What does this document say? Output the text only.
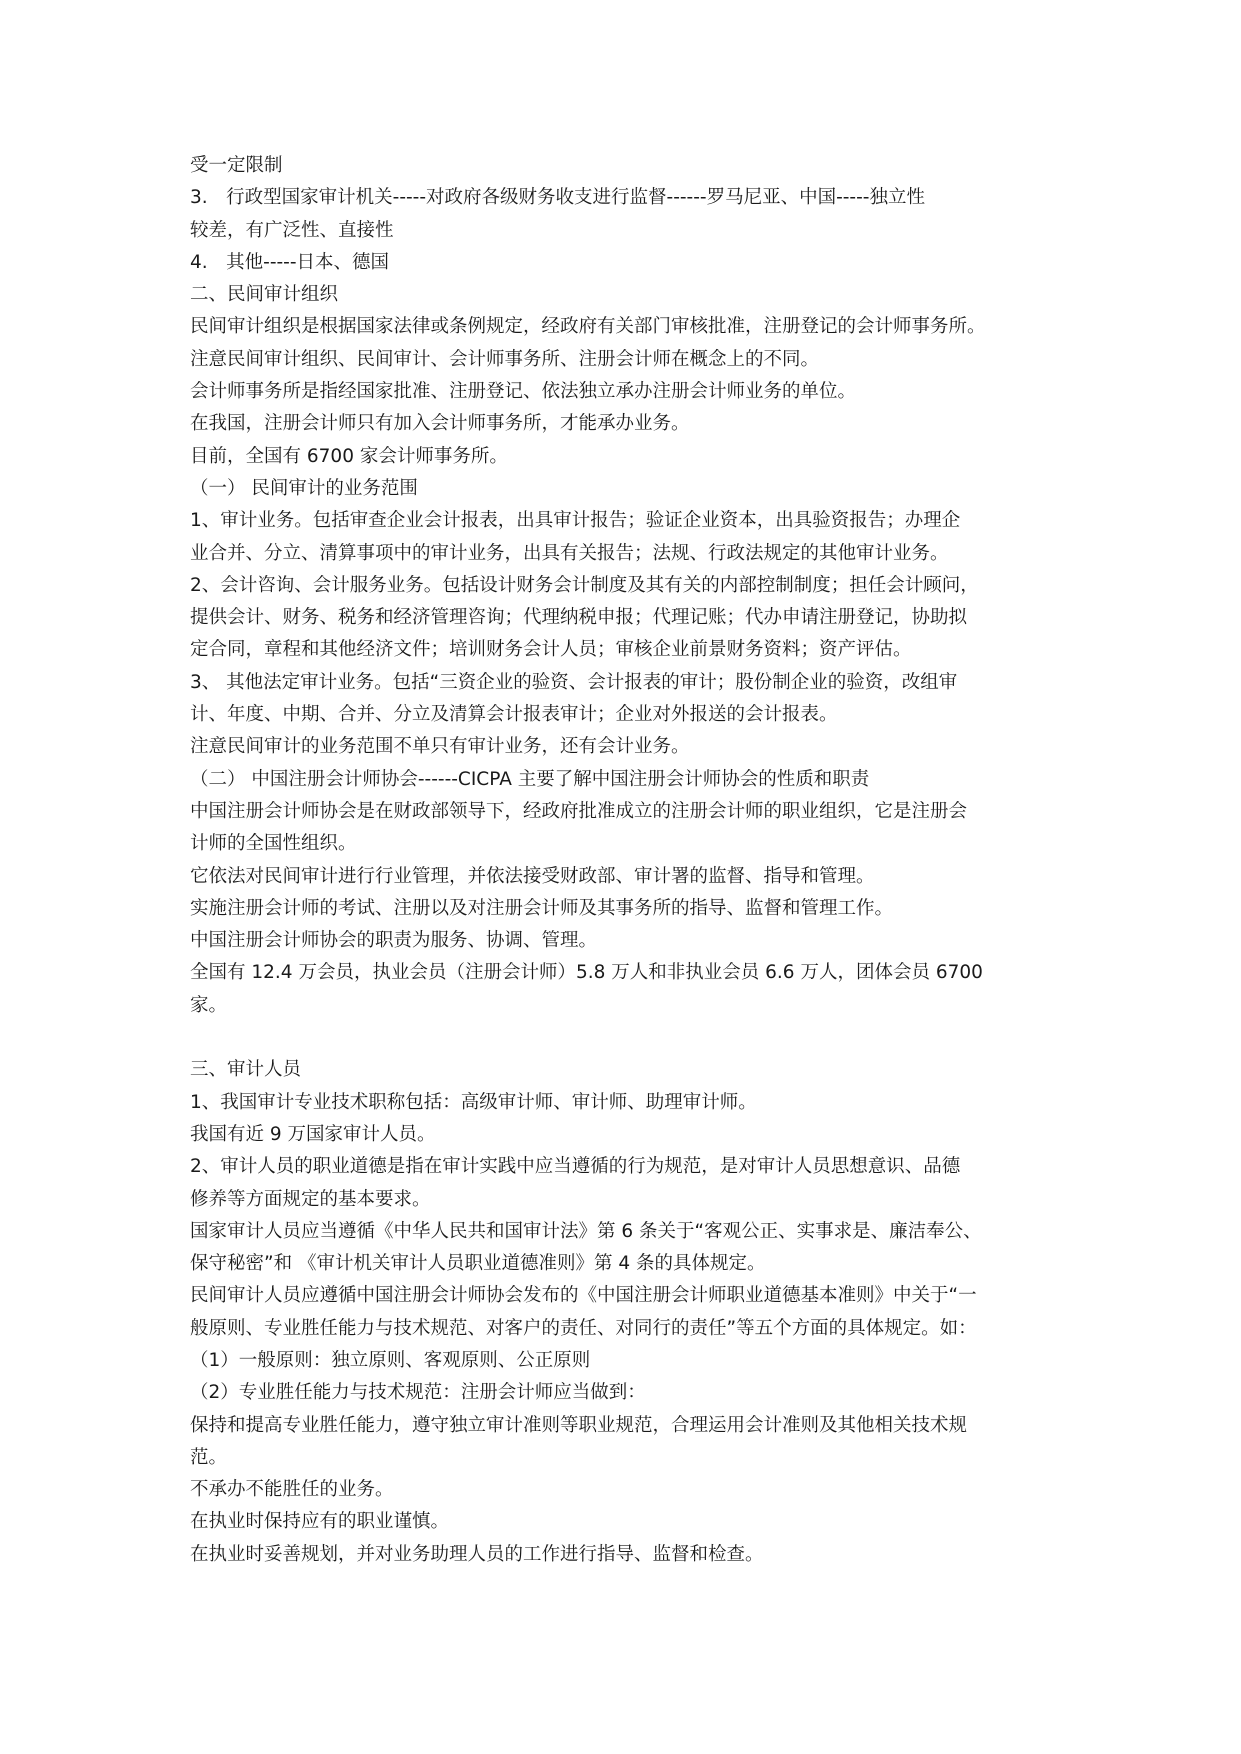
受一定限制
3.　行政型国家审计机关-----对政府各级财务收支进行监督------罗马尼亚、中国-----独立性
较差，有广泛性、直接性
4.　其他-----日本、德国
二、民间审计组织
民间审计组织是根据国家法律或条例规定，经政府有关部门审核批准，注册登记的会计师事务所。
注意民间审计组织、民间审计、会计师事务所、注册会计师在概念上的不同。
会计师事务所是指经国家批准、注册登记、依法独立承办注册会计师业务的单位。
在我国，注册会计师只有加入会计师事务所，才能承办业务。
目前，全国有 6700 家会计师事务所。
（一） 民间审计的业务范围
1、审计业务。包括审查企业会计报表，出具审计报告；验证企业资本，出具验资报告；办理企
业合并、分立、清算事项中的审计业务，出具有关报告；法规、行政法规定的其他审计业务。
2、会计咨询、会计服务业务。包括设计财务会计制度及其有关的内部控制制度；担任会计顾问，
提供会计、财务、税务和经济管理咨询；代理纳税申报；代理记账；代办申请注册登记，协助拟
定合同，章程和其他经济文件；培训财务会计人员；审核企业前景财务资料；资产评估。
3、 其他法定审计业务。包括“三资企业的验资、会计报表的审计；股份制企业的验资，改组审
计、年度、中期、合并、分立及清算会计报表审计；企业对外报送的会计报表。
注意民间审计的业务范围不单只有审计业务，还有会计业务。
（二） 中国注册会计师协会------CICPA 主要了解中国注册会计师协会的性质和职责
中国注册会计师协会是在财政部领导下，经政府批准成立的注册会计师的职业组织，它是注册会
计师的全国性组织。
它依法对民间审计进行行业管理，并依法接受财政部、审计署的监督、指导和管理。
实施注册会计师的考试、注册以及对注册会计师及其事务所的指导、监督和管理工作。
中国注册会计师协会的职责为服务、协调、管理。
全国有 12.4 万会员，执业会员（注册会计师）5.8 万人和非执业会员 6.6 万人，团体会员 6700
家。
三、审计人员
1、我国审计专业技术职称包括：高级审计师、审计师、助理审计师。
我国有近 9 万国家审计人员。
2、审计人员的职业道德是指在审计实践中应当遵循的行为规范，是对审计人员思想意识、品德
修养等方面规定的基本要求。
国家审计人员应当遵循《中华人民共和国审计法》第 6 条关于“客观公正、实事求是、廉洁奉公、
保守秘密”和 《审计机关审计人员职业道德准则》第 4 条的具体规定。
民间审计人员应遵循中国注册会计师协会发布的《中国注册会计师职业道德基本准则》中关于“一
般原则、专业胜任能力与技术规范、对客户的责任、对同行的责任”等五个方面的具体规定。如：
（1）一般原则：独立原则、客观原则、公正原则
（2）专业胜任能力与技术规范：注册会计师应当做到：
保持和提高专业胜任能力，遵守独立审计准则等职业规范，合理运用会计准则及其他相关技术规
范。
不承办不能胜任的业务。
在执业时保持应有的职业谨慎。
在执业时妥善规划，并对业务助理人员的工作进行指导、监督和检查。
